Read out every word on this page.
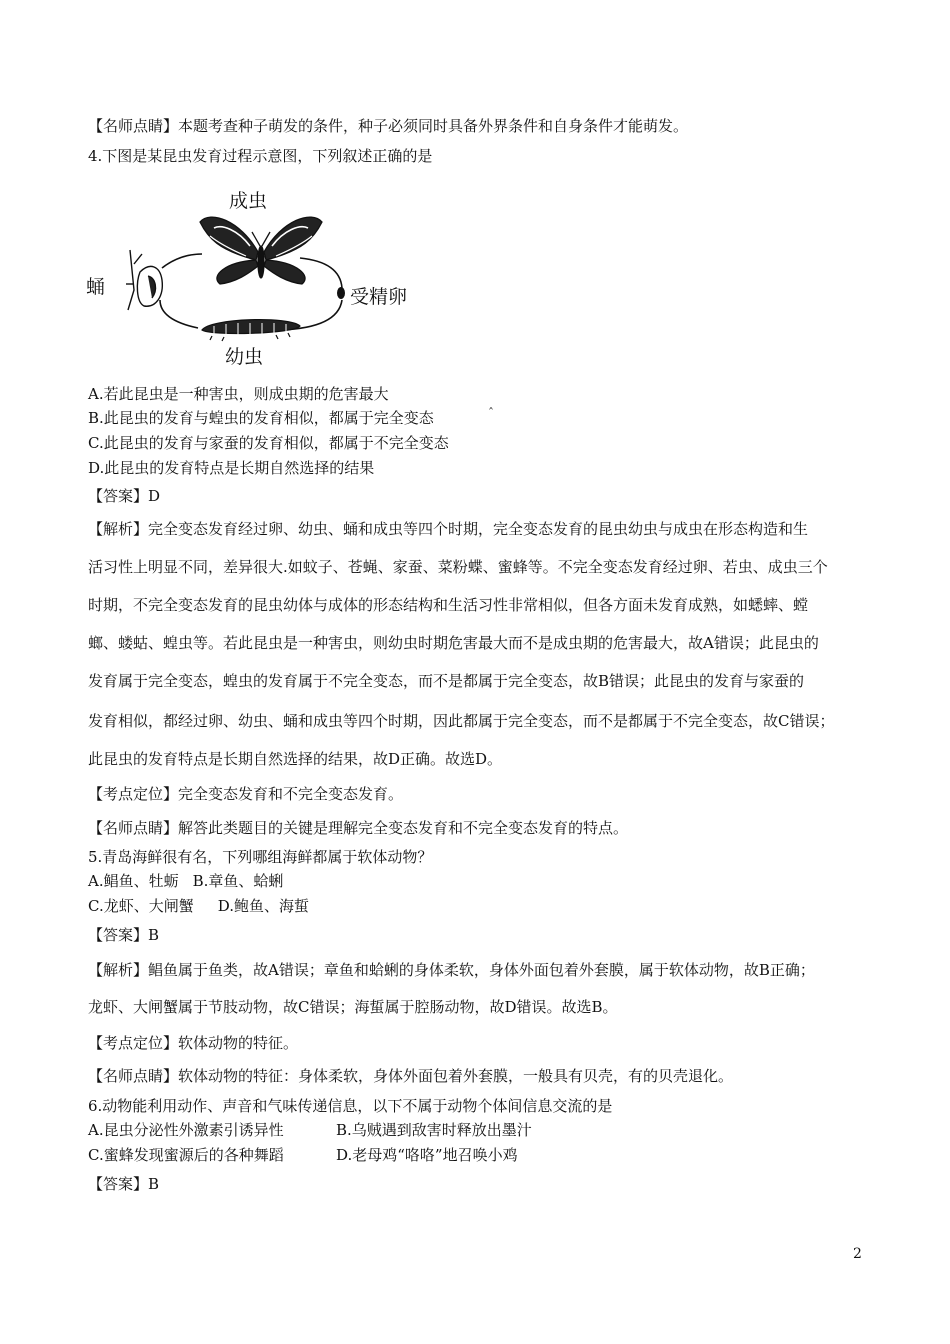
【名师点睛】本题考查种子萌发的条件，种子必须同时具备外界条件和自身条件才能萌发。
4.下图是某昆虫发育过程示意图，下列叙述正确的是
成虫
蛹	受精卵
幼虫
A.若此昆虫是一种害虫，则成虫期的危害最大
B.此昆虫的发育与蝗虫的发育相似，都属于完全变态	ˆ
C.此昆虫的发育与家蚕的发育相似，都属于不完全变态
D.此昆虫的发育特点是长期自然选择的结果
【答案】D
【解析】完全变态发育经过卵、幼虫、蛹和成虫等四个时期，完全变态发育的昆虫幼虫与成虫在形态构造和生
活习性上明显不同，差异很大.如蚊子、苍蝇、家蚕、菜粉蝶、蜜蜂等。不完全变态发育经过卵、若虫、成虫三个
时期，不完全变态发育的昆虫幼体与成体的形态结构和生活习性非常相似，但各方面未发育成熟，如蟋蟀、螳
螂、蝼蛄、蝗虫等。若此昆虫是一种害虫，则幼虫时期危害最大而不是成虫期的危害最大，故A错误；此昆虫的
发育属于完全变态，蝗虫的发育属于不完全变态，而不是都属于完全变态，故B错误；此昆虫的发育与家蚕的
发育相似，都经过卵、幼虫、蛹和成虫等四个时期，因此都属于完全变态，而不是都属于不完全变态，故C错误；
此昆虫的发育特点是长期自然选择的结果，故D正确。故选D。
【考点定位】完全变态发育和不完全变态发育。
【名师点睛】解答此类题目的关键是理解完全变态发育和不完全变态发育的特点。
5.青岛海鲜很有名，下列哪组海鲜都属于软体动物？
A.鲳鱼、牡蛎 B.章鱼、蛤蜊
C.龙虾、大闸蟹 D.鲍鱼、海蜇
【答案】B
【解析】鲳鱼属于鱼类，故A错误；章鱼和蛤蜊的身体柔软，身体外面包着外套膜，属于软体动物，故B正确；
龙虾、大闸蟹属于节肢动物，故C错误；海蜇属于腔肠动物，故D错误。故选B。
【考点定位】软体动物的特征。
【名师点睛】软体动物的特征：身体柔软，身体外面包着外套膜，一般具有贝壳，有的贝壳退化。
6.动物能利用动作、声音和气味传递信息，以下不属于动物个体间信息交流的是
A.昆虫分泌性外激素引诱异性	B.乌贼遇到敌害时释放出墨汁
C.蜜蜂发现蜜源后的各种舞蹈	D.老母鸡“咯咯”地召唤小鸡
【答案】B
2
